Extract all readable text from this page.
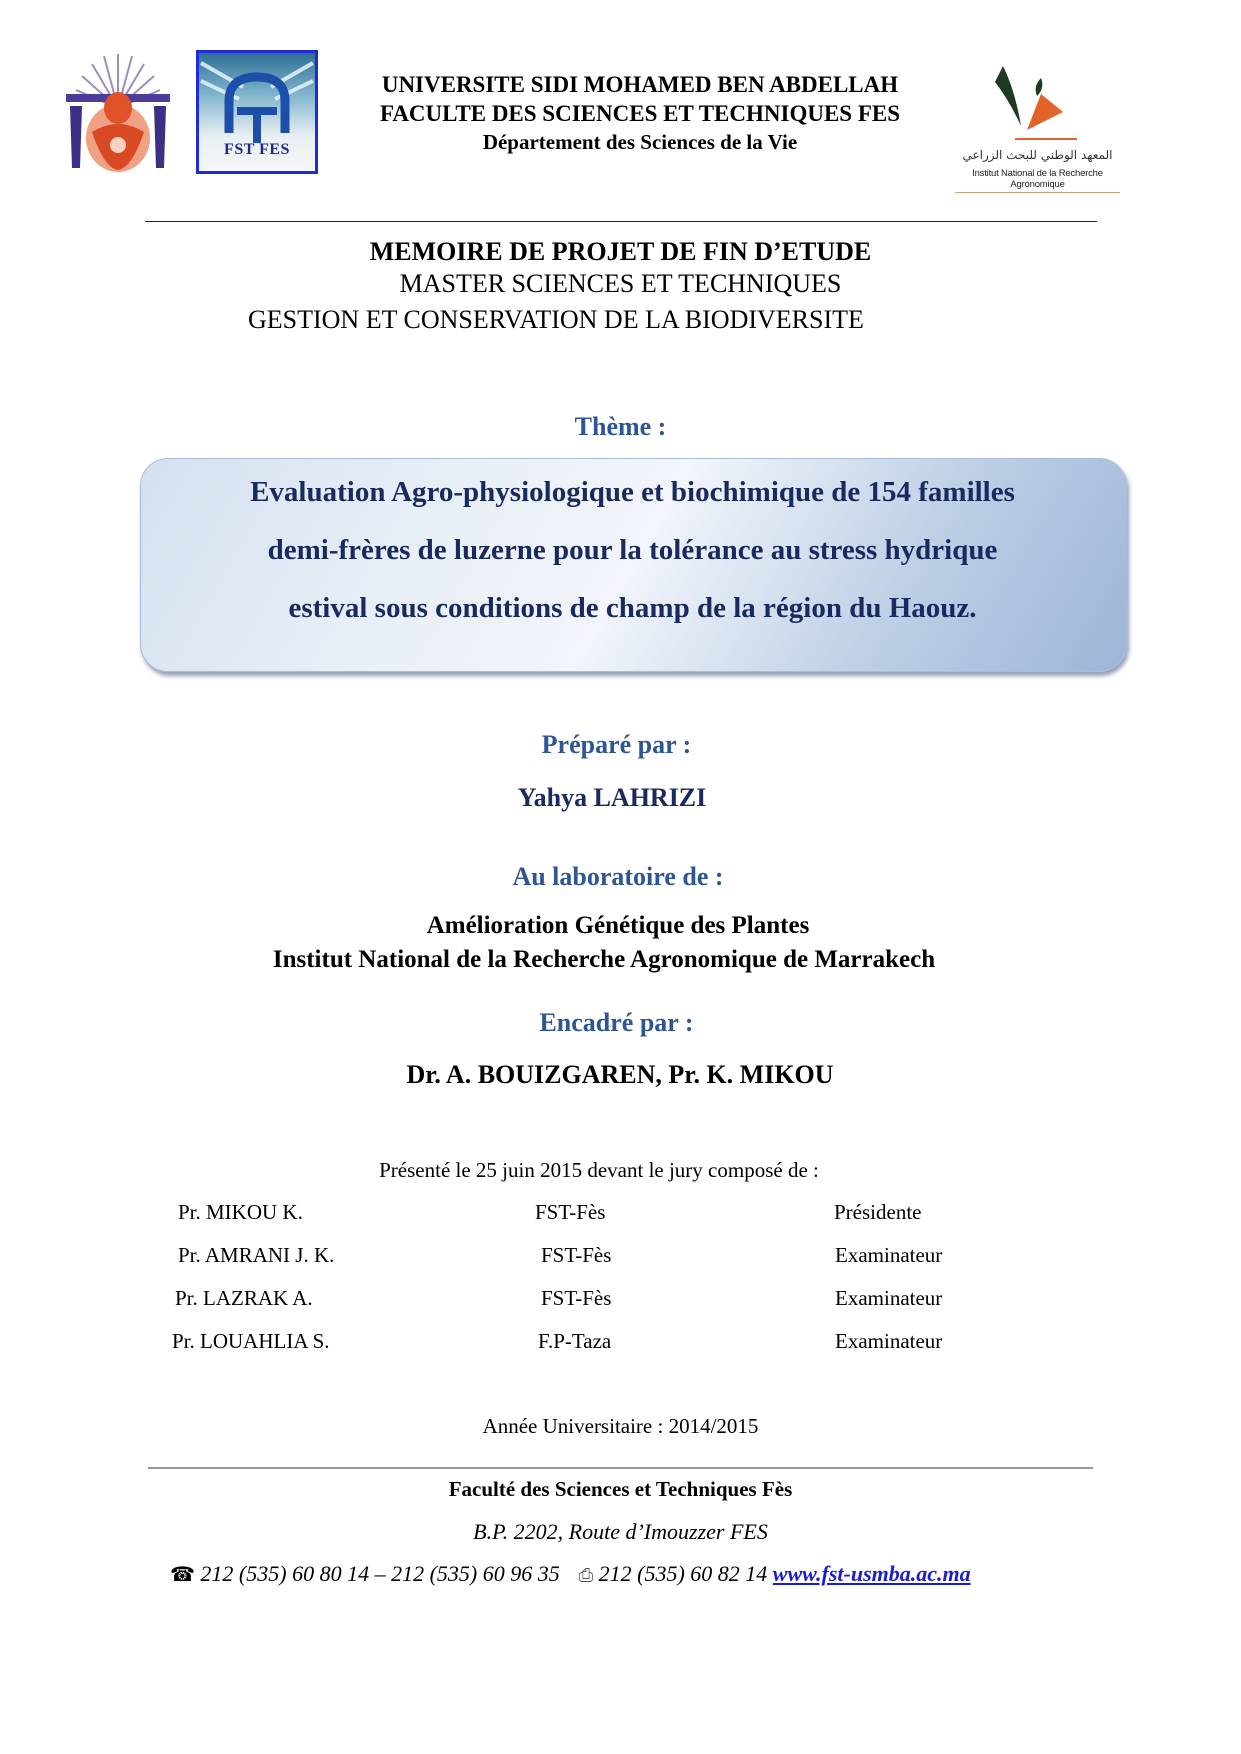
FST FES	المعهد الوطني للبحث الزراعي
Institut National de la Recherche Agronomique
UNIVERSITE SIDI MOHAMED BEN ABDELLAH
FACULTE DES SCIENCES ET TECHNIQUES FES
Département des Sciences de la Vie
MEMOIRE DE PROJET DE FIN D’ETUDE
MASTER SCIENCES ET TECHNIQUES
GESTION ET CONSERVATION DE LA BIODIVERSITE
Thème :
Evaluation Agro-physiologique et biochimique de 154 familles
demi-frères de luzerne pour la tolérance au stress hydrique
estival sous conditions de champ de la région du Haouz.
Préparé par :
Yahya LAHRIZI
Au laboratoire de :
Amélioration Génétique des Plantes
Institut National de la Recherche Agronomique de Marrakech
Encadré par :
Dr. A. BOUIZGAREN, Pr. K. MIKOU
Présenté le 25 juin 2015 devant le jury composé de :
Pr. MIKOU K.	FST-Fès	Présidente
Pr. AMRANI J. K.	FST-Fès	Examinateur
Pr. LAZRAK A.	FST-Fès	Examinateur
Pr. LOUAHLIA S.	F.P-Taza	Examinateur
Année Universitaire : 2014/2015
Faculté des Sciences et Techniques Fès
B.P. 2202, Route d’Imouzzer FES
☎ 212 (535) 60 80 14 – 212 (535) 60 96 35 ⎙ 212 (535) 60 82 14 www.fst-usmba.ac.ma
